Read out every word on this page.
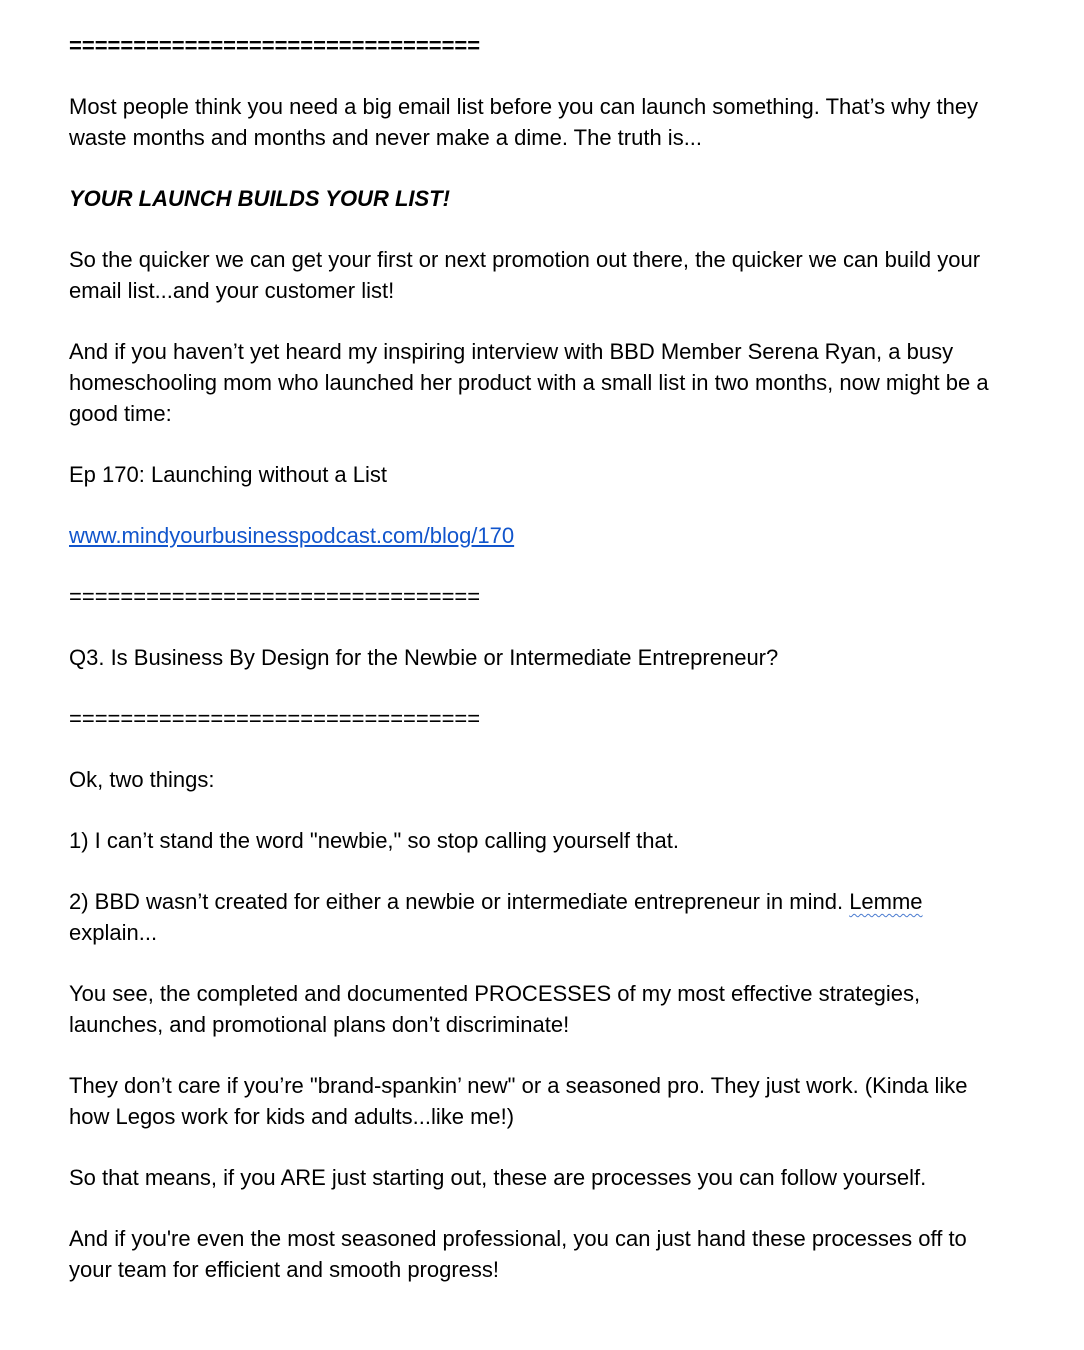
================================

Most people think you need a big email list before you can launch something. That’s why they waste months and months and never make a dime. The truth is...

YOUR LAUNCH BUILDS YOUR LIST!

So the quicker we can get your first or next promotion out there, the quicker we can build your email list...and your customer list!

And if you haven’t yet heard my inspiring interview with BBD Member Serena Ryan, a busy homeschooling mom who launched her product with a small list in two months, now might be a good time:

Ep 170: Launching without a List

www.mindyourbusinesspodcast.com/blog/170

================================

Q3. Is Business By Design for the Newbie or Intermediate Entrepreneur?

================================

Ok, two things:

1) I can’t stand the word "newbie," so stop calling yourself that.

2) BBD wasn’t created for either a newbie or intermediate entrepreneur in mind. Lemme explain...

You see, the completed and documented PROCESSES of my most effective strategies, launches, and promotional plans don’t discriminate!

They don’t care if you’re "brand-spankin’ new" or a seasoned pro. They just work. (Kinda like how Legos work for kids and adults...like me!)

So that means, if you ARE just starting out, these are processes you can follow yourself.

And if you're even the most seasoned professional, you can just hand these processes off to your team for efficient and smooth progress!
